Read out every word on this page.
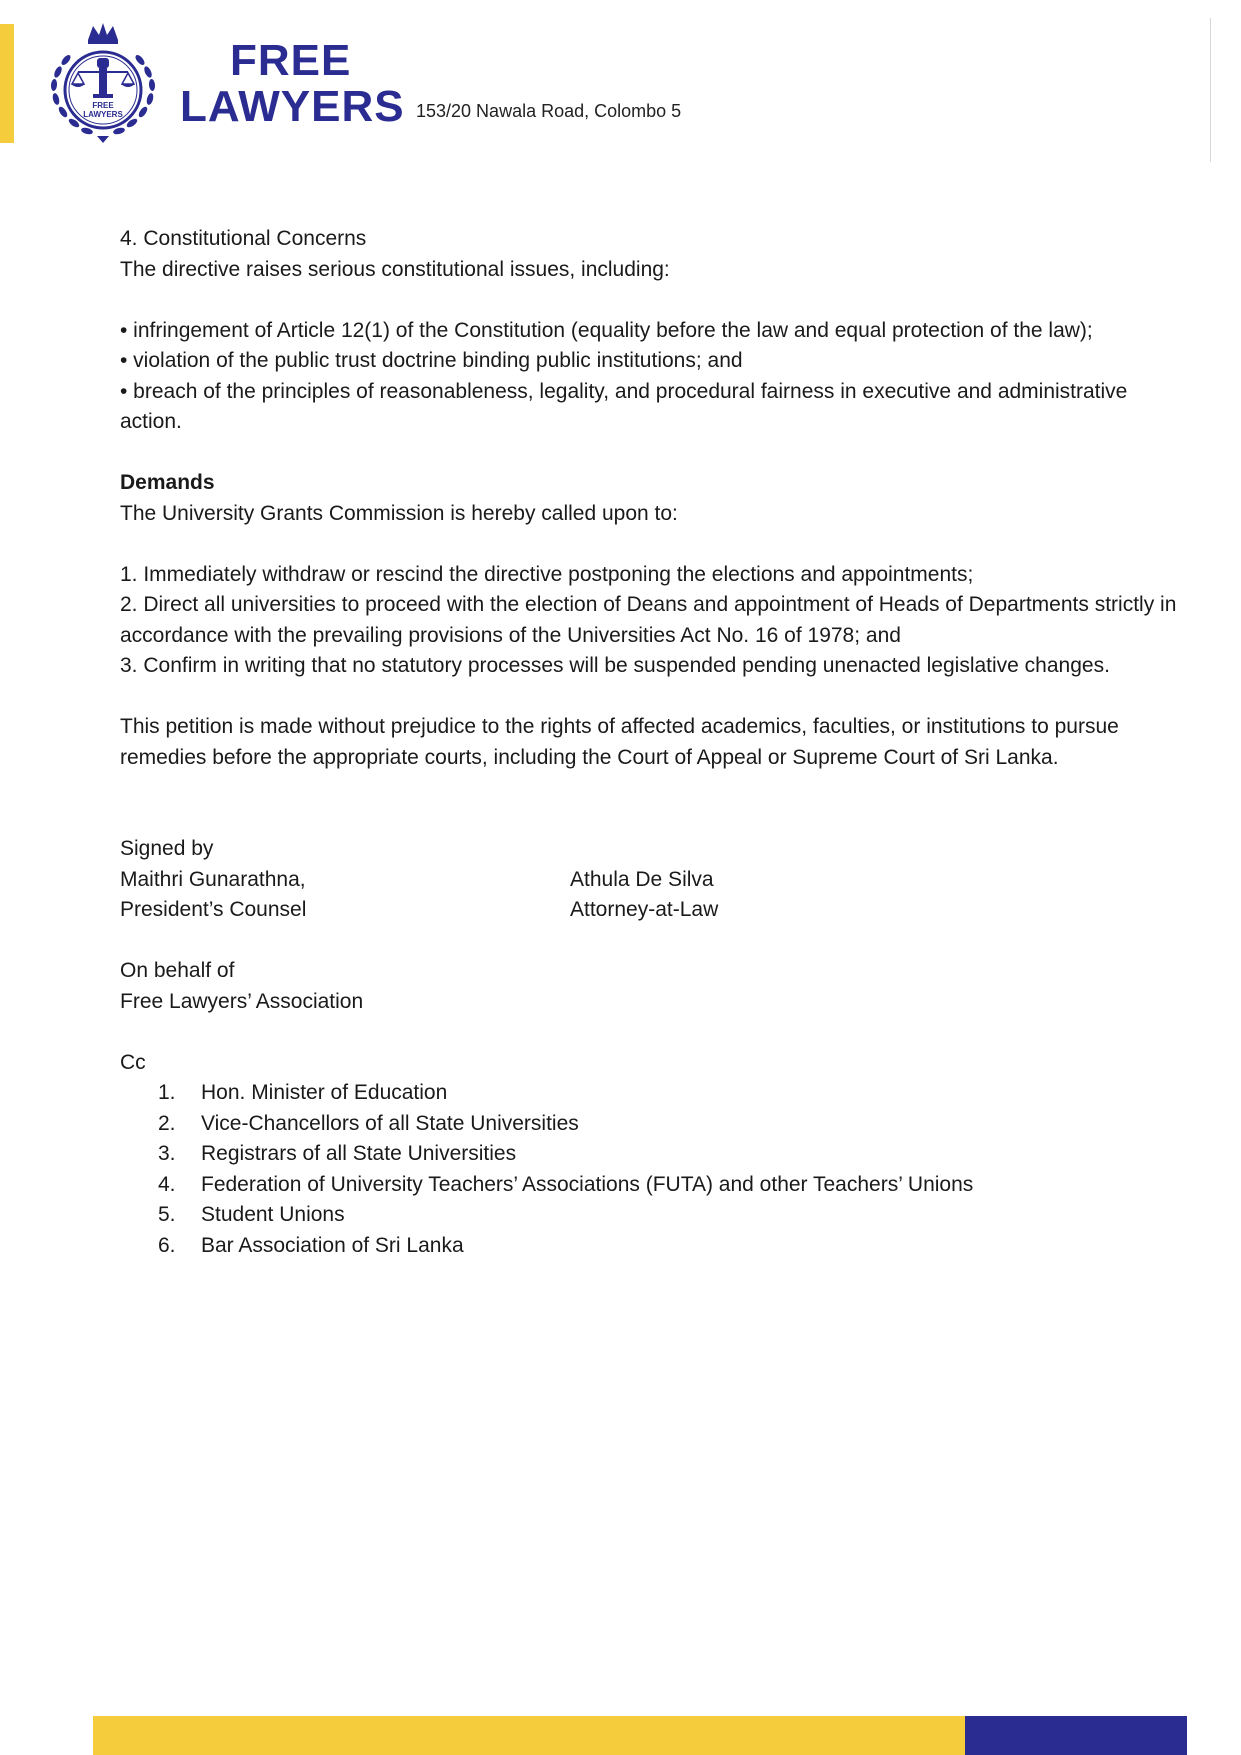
FREE
LAWYERS
FREE
LAWYERS 153/20 Nawala Road, Colombo 5

4. Constitutional Concerns

The directive raises serious constitutional issues, including:

• infringement of Article 12(1) of the Constitution (equality before the law and equal protection of the law);

• violation of the public trust doctrine binding public institutions; and

• breach of the principles of reasonableness, legality, and procedural fairness in executive and administrative action.

Demands

The University Grants Commission is hereby called upon to:

1. Immediately withdraw or rescind the directive postponing the elections and appointments;

2. Direct all universities to proceed with the election of Deans and appointment of Heads of Departments strictly in accordance with the prevailing provisions of the Universities Act No. 16 of 1978; and

3. Confirm in writing that no statutory processes will be suspended pending unenacted legislative changes.

This petition is made without prejudice to the rights of affected academics, faculties, or institutions to pursue remedies before the appropriate courts, including the Court of Appeal or Supreme Court of Sri Lanka.

Signed by

Maithri Gunarathna,	Athula De Silva
President’s Counsel	Attorney-at-Law

On behalf of

Free Lawyers’ Association

Cc

1. Hon. Minister of Education
2. Vice-Chancellors of all State Universities
3. Registrars of all State Universities
4. Federation of University Teachers’ Associations (FUTA) and other Teachers’ Unions
5. Student Unions
6. Bar Association of Sri Lanka
